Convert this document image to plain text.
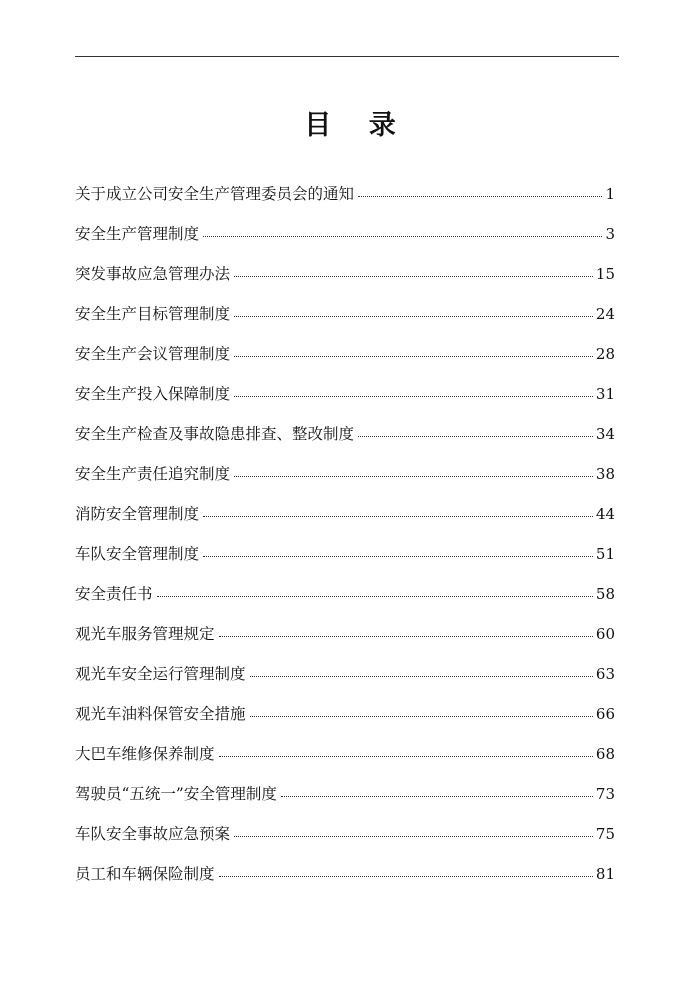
目 录
关于成立公司安全生产管理委员会的通知	1
安全生产管理制度	3
突发事故应急管理办法	15
安全生产目标管理制度	24
安全生产会议管理制度	28
安全生产投入保障制度	31
安全生产检查及事故隐患排查、整改制度	34
安全生产责任追究制度	38
消防安全管理制度	44
车队安全管理制度	51
安全责任书	58
观光车服务管理规定	60
观光车安全运行管理制度	63
观光车油料保管安全措施	66
大巴车维修保养制度	68
驾驶员“五统一”安全管理制度	73
车队安全事故应急预案	75
员工和车辆保险制度	81
